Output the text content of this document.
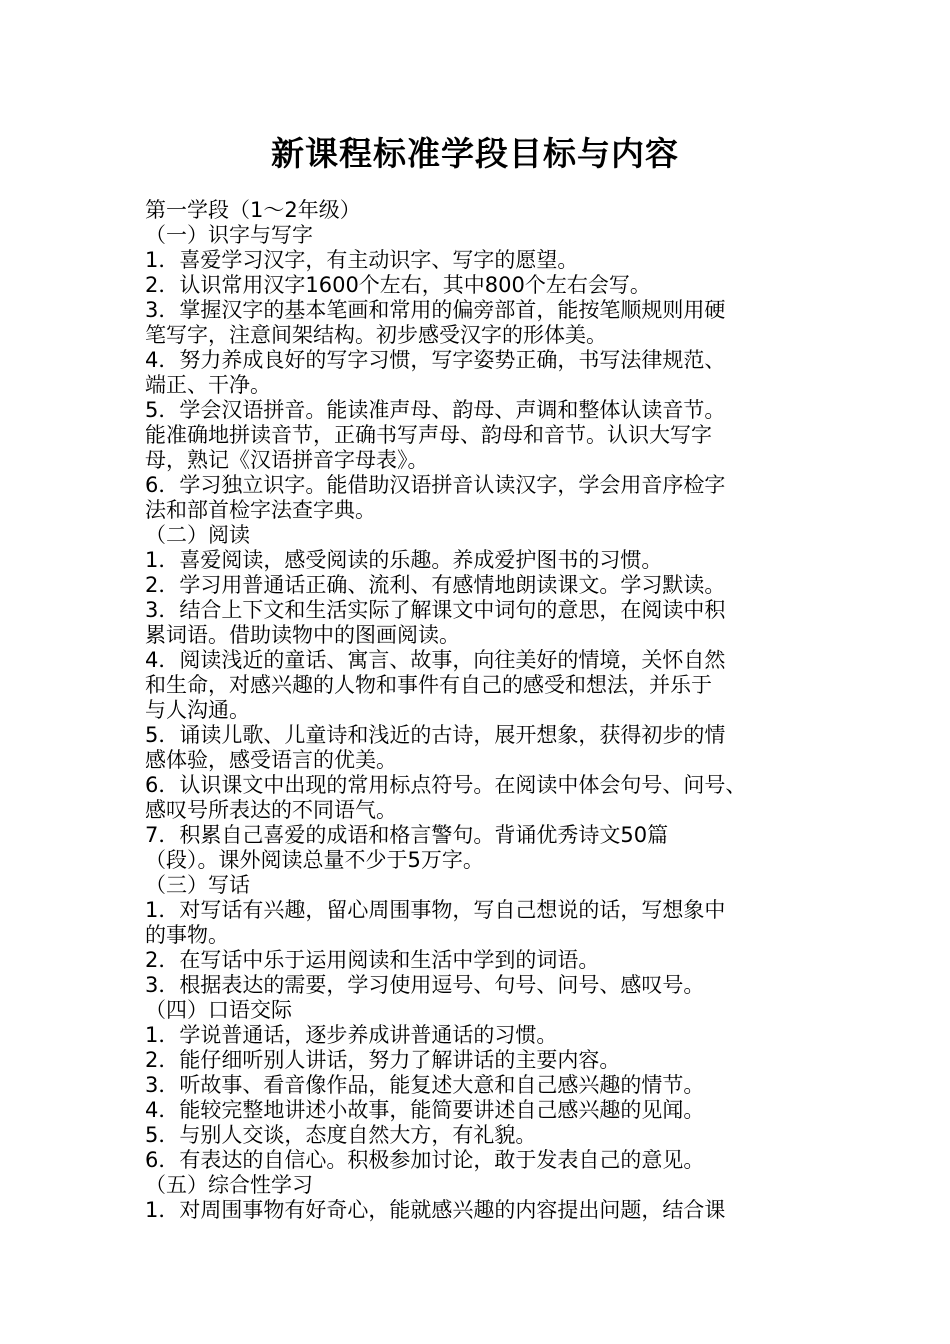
新课程标准学段目标与内容
第一学段（1～2年级）
（一）识字与写字
1．喜爱学习汉字，有主动识字、写字的愿望。
2．认识常用汉字1600个左右，其中800个左右会写。
3．掌握汉字的基本笔画和常用的偏旁部首，能按笔顺规则用硬
笔写字，注意间架结构。初步感受汉字的形体美。
4．努力养成良好的写字习惯，写字姿势正确，书写法律规范、
端正、干净。
5．学会汉语拼音。能读准声母、韵母、声调和整体认读音节。
能准确地拼读音节，正确书写声母、韵母和音节。认识大写字
母，熟记《汉语拼音字母表》。
6．学习独立识字。能借助汉语拼音认读汉字，学会用音序检字
法和部首检字法查字典。
（二）阅读
1．喜爱阅读，感受阅读的乐趣。养成爱护图书的习惯。
2．学习用普通话正确、流利、有感情地朗读课文。学习默读。
3．结合上下文和生活实际了解课文中词句的意思，在阅读中积
累词语。借助读物中的图画阅读。
4．阅读浅近的童话、寓言、故事，向往美好的情境，关怀自然
和生命，对感兴趣的人物和事件有自己的感受和想法，并乐于
与人沟通。
5．诵读儿歌、儿童诗和浅近的古诗，展开想象，获得初步的情
感体验，感受语言的优美。
6．认识课文中出现的常用标点符号。在阅读中体会句号、问号、
感叹号所表达的不同语气。
7．积累自己喜爱的成语和格言警句。背诵优秀诗文50篇
（段）。课外阅读总量不少于5万字。
（三）写话
1．对写话有兴趣，留心周围事物，写自己想说的话，写想象中
的事物。
2．在写话中乐于运用阅读和生活中学到的词语。
3．根据表达的需要，学习使用逗号、句号、问号、感叹号。
（四）口语交际
1．学说普通话，逐步养成讲普通话的习惯。
2．能仔细听别人讲话，努力了解讲话的主要内容。
3．听故事、看音像作品，能复述大意和自己感兴趣的情节。
4．能较完整地讲述小故事，能简要讲述自己感兴趣的见闻。
5．与别人交谈，态度自然大方，有礼貌。
6．有表达的自信心。积极参加讨论，敢于发表自己的意见。
（五）综合性学习
1．对周围事物有好奇心，能就感兴趣的内容提出问题，结合课
